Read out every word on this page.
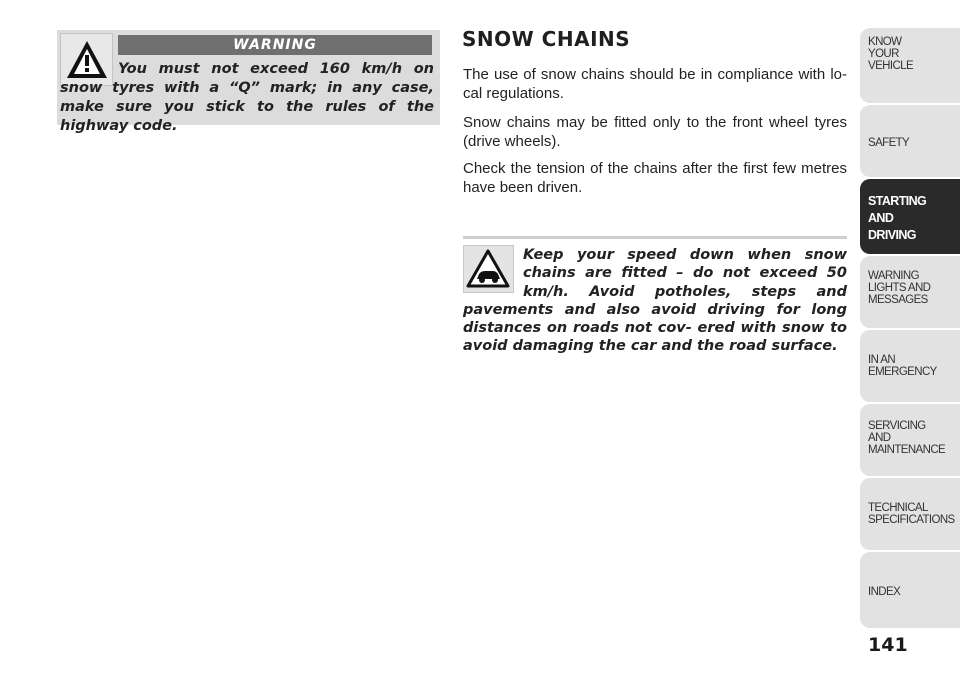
WARNING
You must not exceed 160 km/h on snow tyres with a “Q” mark; in any case, make sure you stick to the rules of the highway code.
SNOW CHAINS

The use of snow chains should be in compliance with lo- cal regulations.

Snow chains may be fitted only to the front wheel tyres (drive wheels).

Check the tension of the chains after the first few metres have been driven.

Keep your speed down when snow chains are fitted – do not exceed 50 km/h. Avoid potholes, steps and pavements and also avoid driving for long distances on roads not cov- ered with snow to avoid damaging the car and the road surface.
KNOW
YOUR
VEHICLE
SAFETY
STARTING
AND
DRIVING
WARNING
LIGHTS AND
MESSAGES
IN AN
EMERGENCY
SERVICING
AND
MAINTENANCE
TECHNICAL
SPECIFICATIONS
INDEX
141
